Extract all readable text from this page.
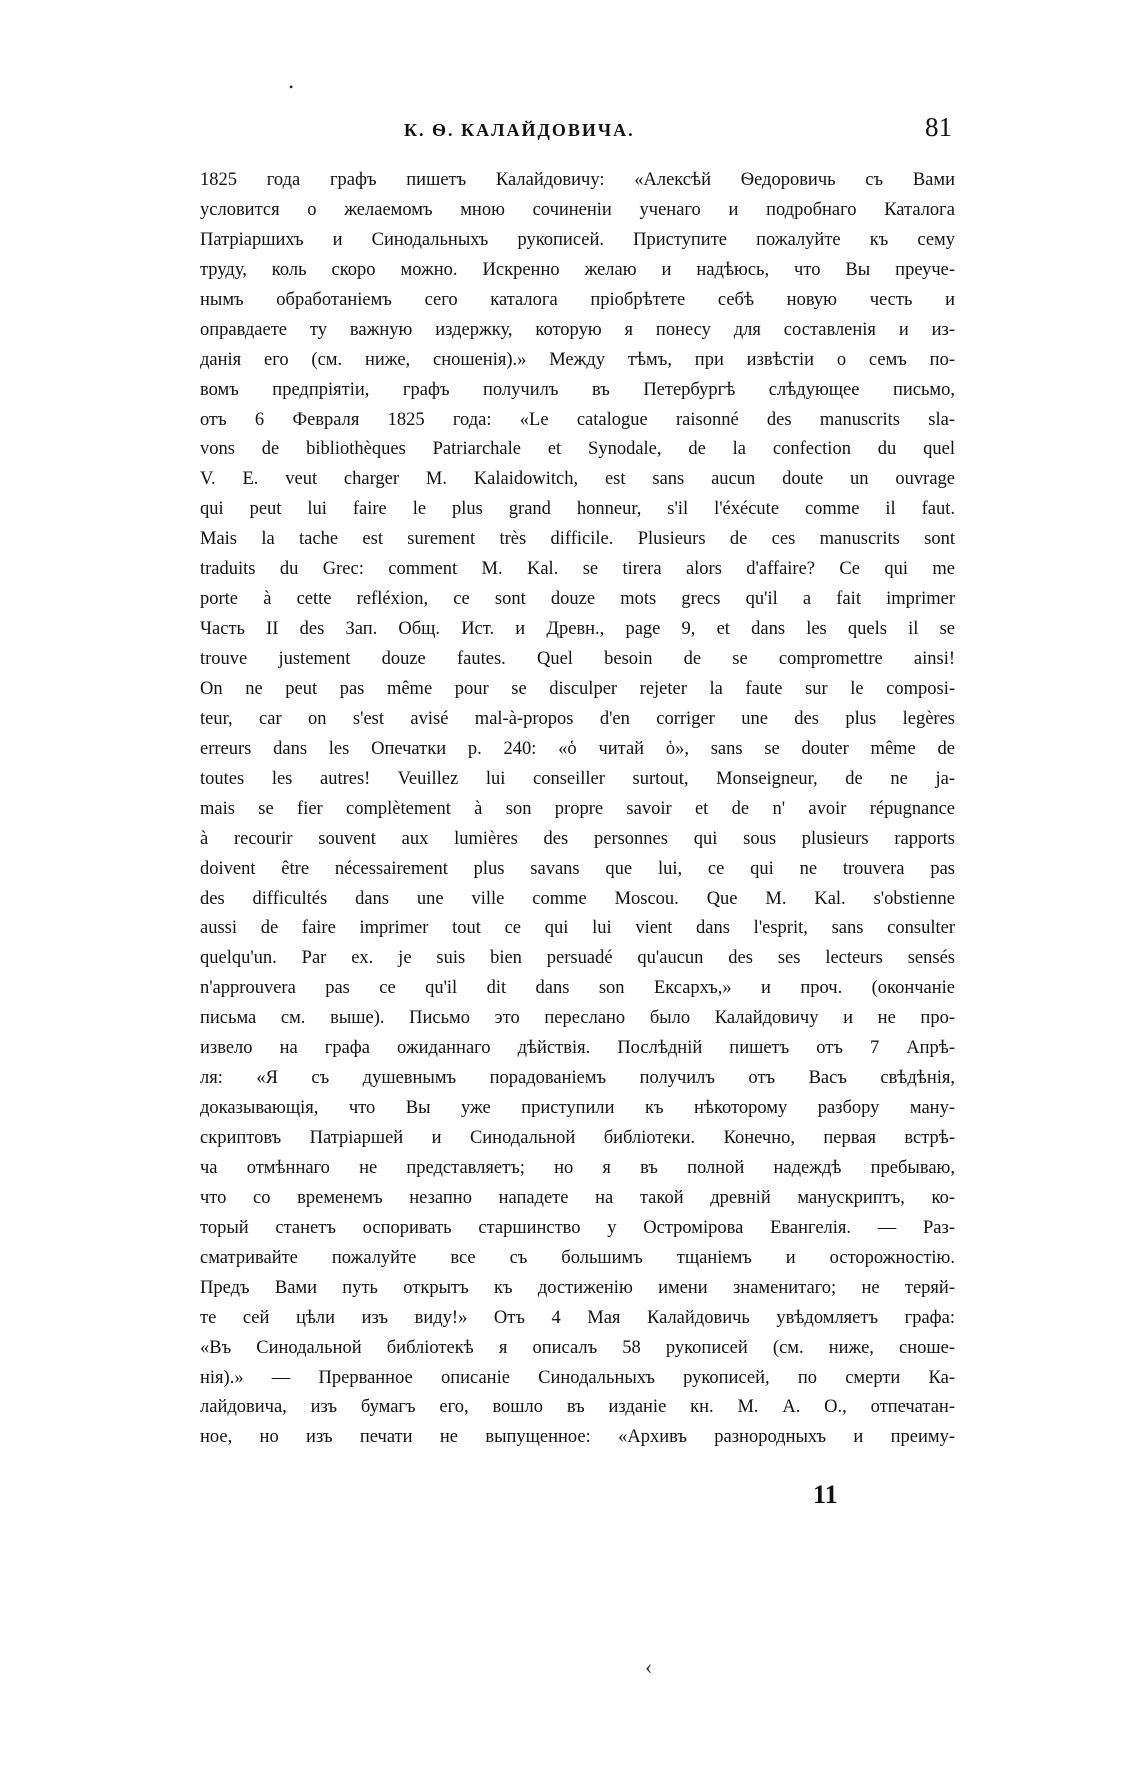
•
К. Ѳ. КАЛАЙДОВИЧА.	81
1825 года графъ пишетъ Калайдовичу: «Алексѣй Ѳедоровичь съ Вами
условится о желаемомъ мною сочиненіи ученаго и подробнаго Каталога
Патріаршихъ и Синодальныхъ рукописей. Приступите пожалуйте къ сему
труду, коль скоро можно. Искренно желаю и надѣюсь, что Вы преуче-
нымъ обработаніемъ сего каталога пріобрѣтете себѣ новую честь и
оправдаете ту важную издержку, которую я понесу для составленія и из-
данія его (см. ниже, сношенія).» Между тѣмъ, при извѣстіи о семъ по-
вомъ предпріятіи, графъ получилъ въ Петербургѣ слѣдующее письмо,
отъ 6 Февраля 1825 года: «Le catalogue raisonné des manuscrits sla-
vons de bibliothèques Patriarchale et Synodale, de la confection du quel
V. E. veut charger M. Kalaidowitch, est sans aucun doute un ouvrage
qui peut lui faire le plus grand honneur, s'il l'éxécute comme il faut.
Mais la tache est surement très difficile. Plusieurs de ces manuscrits sont
traduits du Grec: comment M. Kal. se tirera alors d'affaire? Ce qui me
porte à cette refléxion, ce sont douze mots grecs qu'il a fait imprimer
Часть II des Зап. Общ. Ист. и Древн., page 9, et dans les quels il se
trouve justement douze fautes. Quel besoin de se compromettre ainsi!
On ne peut pas même pour se disculper rejeter la faute sur le composi-
teur, car on s'est avisé mal-à-propos d'en corriger une des plus legères
erreurs dans les Опечатки p. 240: «ὁ читай ὁ», sans se douter même de
toutes les autres! Veuillez lui conseiller surtout, Monseigneur, de ne ja-
mais se fier complètement à son propre savoir et de n' avoir répugnance
à recourir souvent aux lumières des personnes qui sous plusieurs rapports
doivent être nécessairement plus savans que lui, ce qui ne trouvera pas
des difficultés dans une ville comme Moscou. Que M. Kal. s'obstienne
aussi de faire imprimer tout ce qui lui vient dans l'esprit, sans consulter
quelqu'un. Par ex. je suis bien persuadé qu'aucun des ses lecteurs sensés
n'approuvera pas ce qu'il dit dans son Ексархъ,» и проч. (окончаніе
письма см. выше). Письмо это переслано было Калайдовичу и не про-
извело на графа ожиданнаго дѣйствія. Послѣдній пишетъ отъ 7 Апрѣ-
ля: «Я съ душевнымъ порадованіемъ получилъ отъ Васъ свѣдѣнія,
доказывающія, что Вы уже приступили къ нѣкоторому разбору ману-
скриптовъ Патріаршей и Синодальной библіотеки. Конечно, первая встрѣ-
ча отмѣннаго не представляетъ; но я въ полной надеждѣ пребываю,
что со временемъ незапно нападете на такой древній манускриптъ, ко-
торый станетъ оспоривать старшинство у Остромірова Евангелія. — Раз-
сматривайте пожалуйте все съ большимъ тщаніемъ и осторожностію.
Предъ Вами путь открытъ къ достиженію имени знаменитаго; не теряй-
те сей цѣли изъ виду!» Отъ 4 Мая Калайдовичь увѣдомляетъ графа:
«Въ Синодальной библіотекѣ я описалъ 58 рукописей (см. ниже, сноше-
нія).» — Прерванное описаніе Синодальныхъ рукописей, по смерти Ка-
лайдовича, изъ бумагъ его, вошло въ изданіе кн. М. А. О., отпечатан-
ное, но изъ печати не выпущенное: «Архивъ разнородныхъ и преиму-
11
‹
